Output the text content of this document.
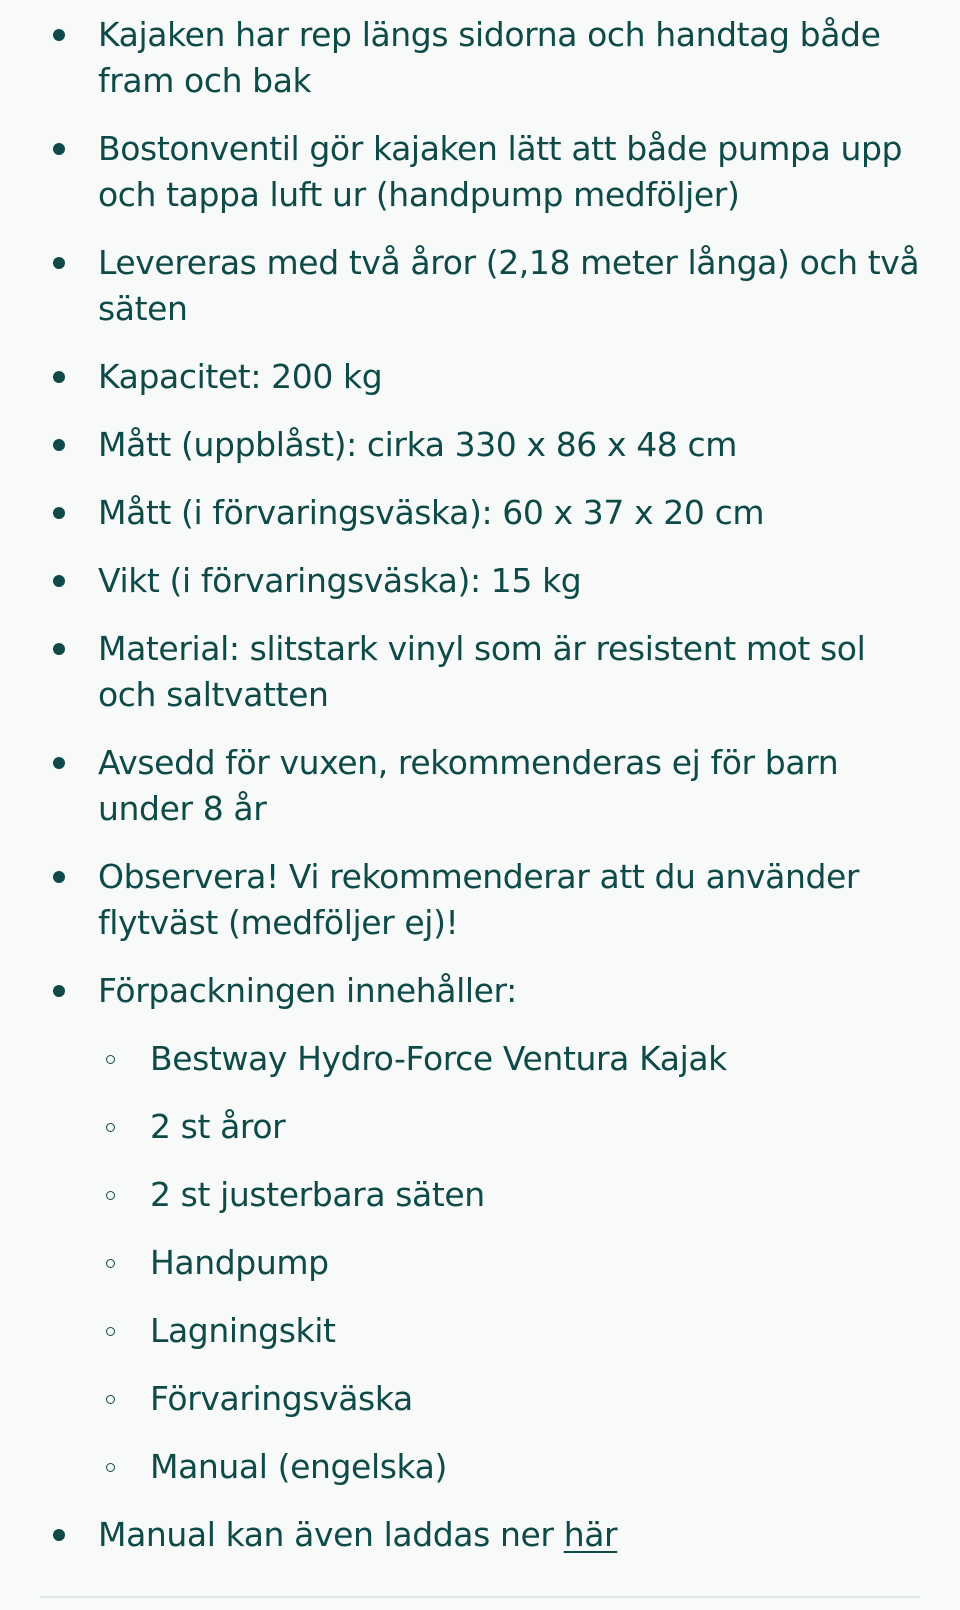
Kajaken har rep längs sidorna och handtag både fram och bak
Bostonventil gör kajaken lätt att både pumpa upp och tappa luft ur (handpump medföljer)
Levereras med två åror (2,18 meter långa) och två säten
Kapacitet: 200 kg
Mått (uppblåst): cirka 330 x 86 x 48 cm
Mått (i förvaringsväska): 60 x 37 x 20 cm
Vikt (i förvaringsväska): 15 kg
Material: slitstark vinyl som är resistent mot sol och saltvatten
Avsedd för vuxen, rekommenderas ej för barn under 8 år
Observera! Vi rekommenderar att du använder flytväst (medföljer ej)!
Förpackningen innehåller:
Bestway Hydro-Force Ventura Kajak
2 st åror
2 st justerbara säten
Handpump
Lagningskit
Förvaringsväska
Manual (engelska)
Manual kan även laddas ner här
